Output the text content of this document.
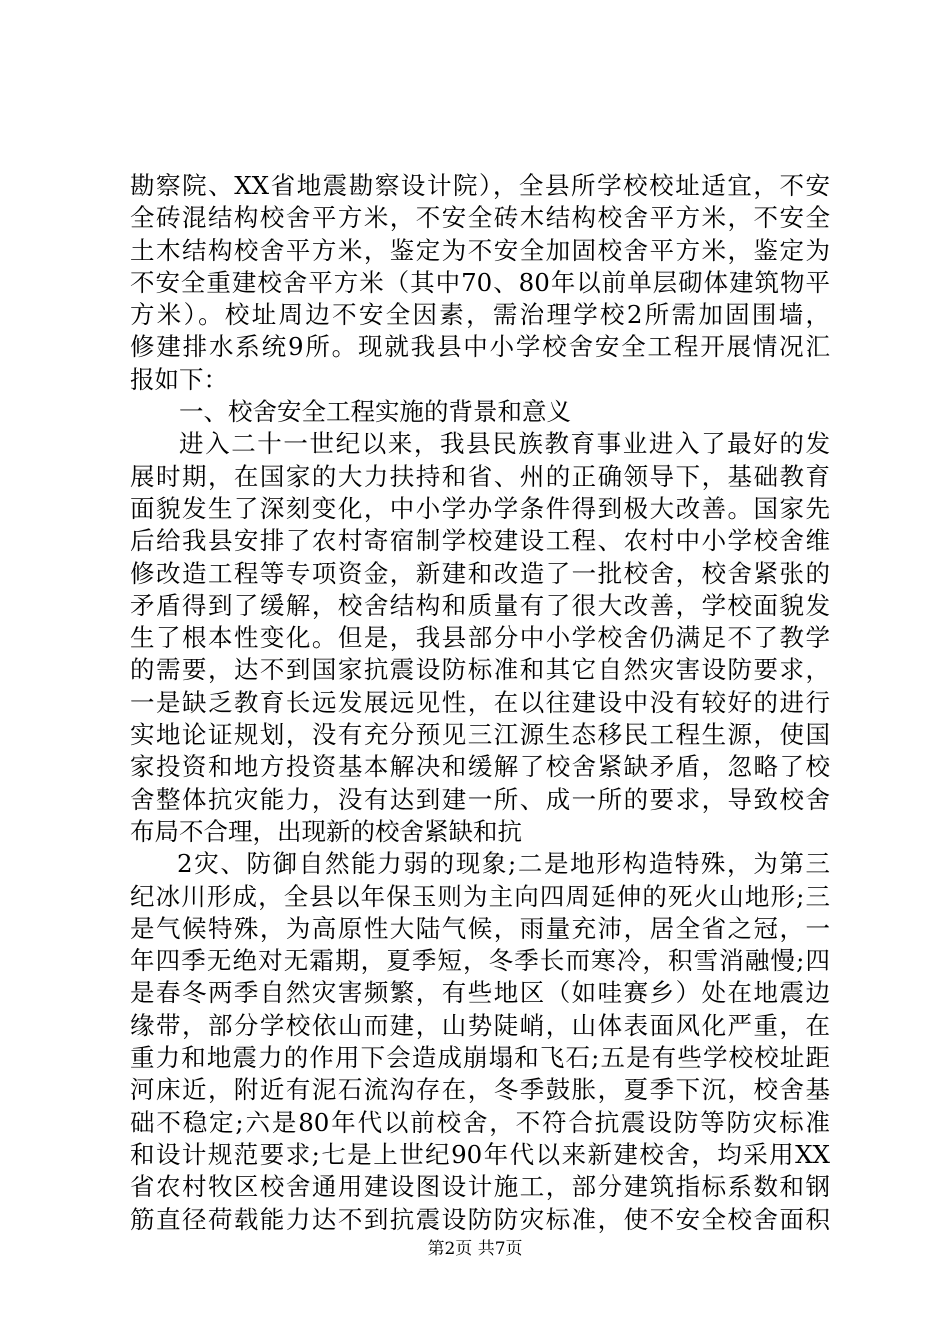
勘察院、XX省地震勘察设计院），全县所学校校址适宜，不安
全砖混结构校舍平方米，不安全砖木结构校舍平方米，不安全
土木结构校舍平方米，鉴定为不安全加固校舍平方米，鉴定为
不安全重建校舍平方米（其中70、80年以前单层砌体建筑物平
方米）。校址周边不安全因素，需治理学校2所需加固围墙，
修建排水系统9所。现就我县中小学校舍安全工程开展情况汇
报如下：
一、校舍安全工程实施的背景和意义
进入二十一世纪以来，我县民族教育事业进入了最好的发
展时期，在国家的大力扶持和省、州的正确领导下，基础教育
面貌发生了深刻变化，中小学办学条件得到极大改善。国家先
后给我县安排了农村寄宿制学校建设工程、农村中小学校舍维
修改造工程等专项资金，新建和改造了一批校舍，校舍紧张的
矛盾得到了缓解，校舍结构和质量有了很大改善，学校面貌发
生了根本性变化。但是，我县部分中小学校舍仍满足不了教学
的需要，达不到国家抗震设防标准和其它自然灾害设防要求，
一是缺乏教育长远发展远见性，在以往建设中没有较好的进行
实地论证规划，没有充分预见三江源生态移民工程生源，使国
家投资和地方投资基本解决和缓解了校舍紧缺矛盾，忽略了校
舍整体抗灾能力，没有达到建一所、成一所的要求，导致校舍
布局不合理，出现新的校舍紧缺和抗
2灾、防御自然能力弱的现象;二是地形构造特殊，为第三
纪冰川形成，全县以年保玉则为主向四周延伸的死火山地形;三
是气候特殊，为高原性大陆气候，雨量充沛，居全省之冠，一
年四季无绝对无霜期，夏季短，冬季长而寒冷，积雪消融慢;四
是春冬两季自然灾害频繁，有些地区（如哇赛乡）处在地震边
缘带，部分学校依山而建，山势陡峭，山体表面风化严重，在
重力和地震力的作用下会造成崩塌和飞石;五是有些学校校址距
河床近，附近有泥石流沟存在，冬季鼓胀，夏季下沉，校舍基
础不稳定;六是80年代以前校舍，不符合抗震设防等防灾标准
和设计规范要求;七是上世纪90年代以来新建校舍，均采用XX
省农村牧区校舍通用建设图设计施工，部分建筑指标系数和钢
筋直径荷载能力达不到抗震设防防灾标准，使不安全校舍面积
第2页 共7页
